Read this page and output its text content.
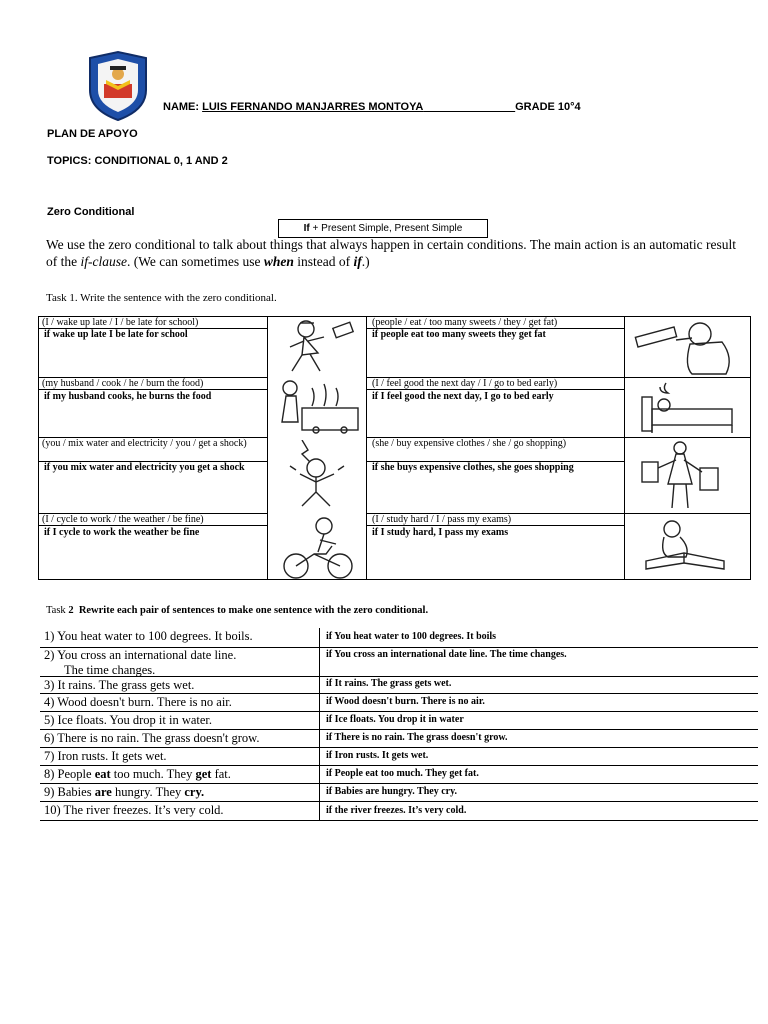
NAME: LUIS FERNANDO MANJARRES MONTOYA_______________GRADE 10°4
PLAN DE APOYO
TOPICS: CONDITIONAL 0, 1 AND 2
Zero Conditional
If + Present Simple, Present Simple
We use the zero conditional to talk about things that always happen in certain conditions. The main action is an automatic result of the if-clause. (We can sometimes use when instead of if.)
Task 1. Write the sentence with the zero conditional.
(I / wake up late / I / be late for school)
if wake up late I be late for school
(people / eat / too many sweets / they / get fat)
if people eat too many sweets they get fat
(my husband / cook / he / burn the food)
if my husband cooks, he burns the food
(I / feel good the next day / I / go to bed early)
if I feel good the next day, I go to bed early
(you / mix water and electricity / you / get a shock)
if you mix water and electricity you get a shock
(she / buy expensive clothes / she / go shopping)
if she buys expensive clothes, she goes shopping
(I / cycle to work / the weather / be fine)
if I cycle to work the weather be fine
(I / study hard / I / pass my exams)
if I study hard, I pass my exams
Task 2 Rewrite each pair of sentences to make one sentence with the zero conditional.
1) You heat water to 100 degrees. It boils.	if You heat water to 100 degrees. It boils
2) You cross an international date line.
The time changes.
if You cross an international date line. The time changes.
3) It rains. The grass gets wet.	if It rains. The grass gets wet.
4) Wood doesn't burn. There is no air.	if Wood doesn't burn. There is no air.
5) Ice floats. You drop it in water.	if Ice floats. You drop it in water
6) There is no rain. The grass doesn't grow.	if There is no rain. The grass doesn't grow.
7) Iron rusts. It gets wet.	if Iron rusts. It gets wet.
8) People eat too much. They get fat.	if People eat too much. They get fat.
9) Babies are hungry. They cry.	if Babies are hungry. They cry.
10) The river freezes. It’s very cold.	if the river freezes. It’s very cold.
